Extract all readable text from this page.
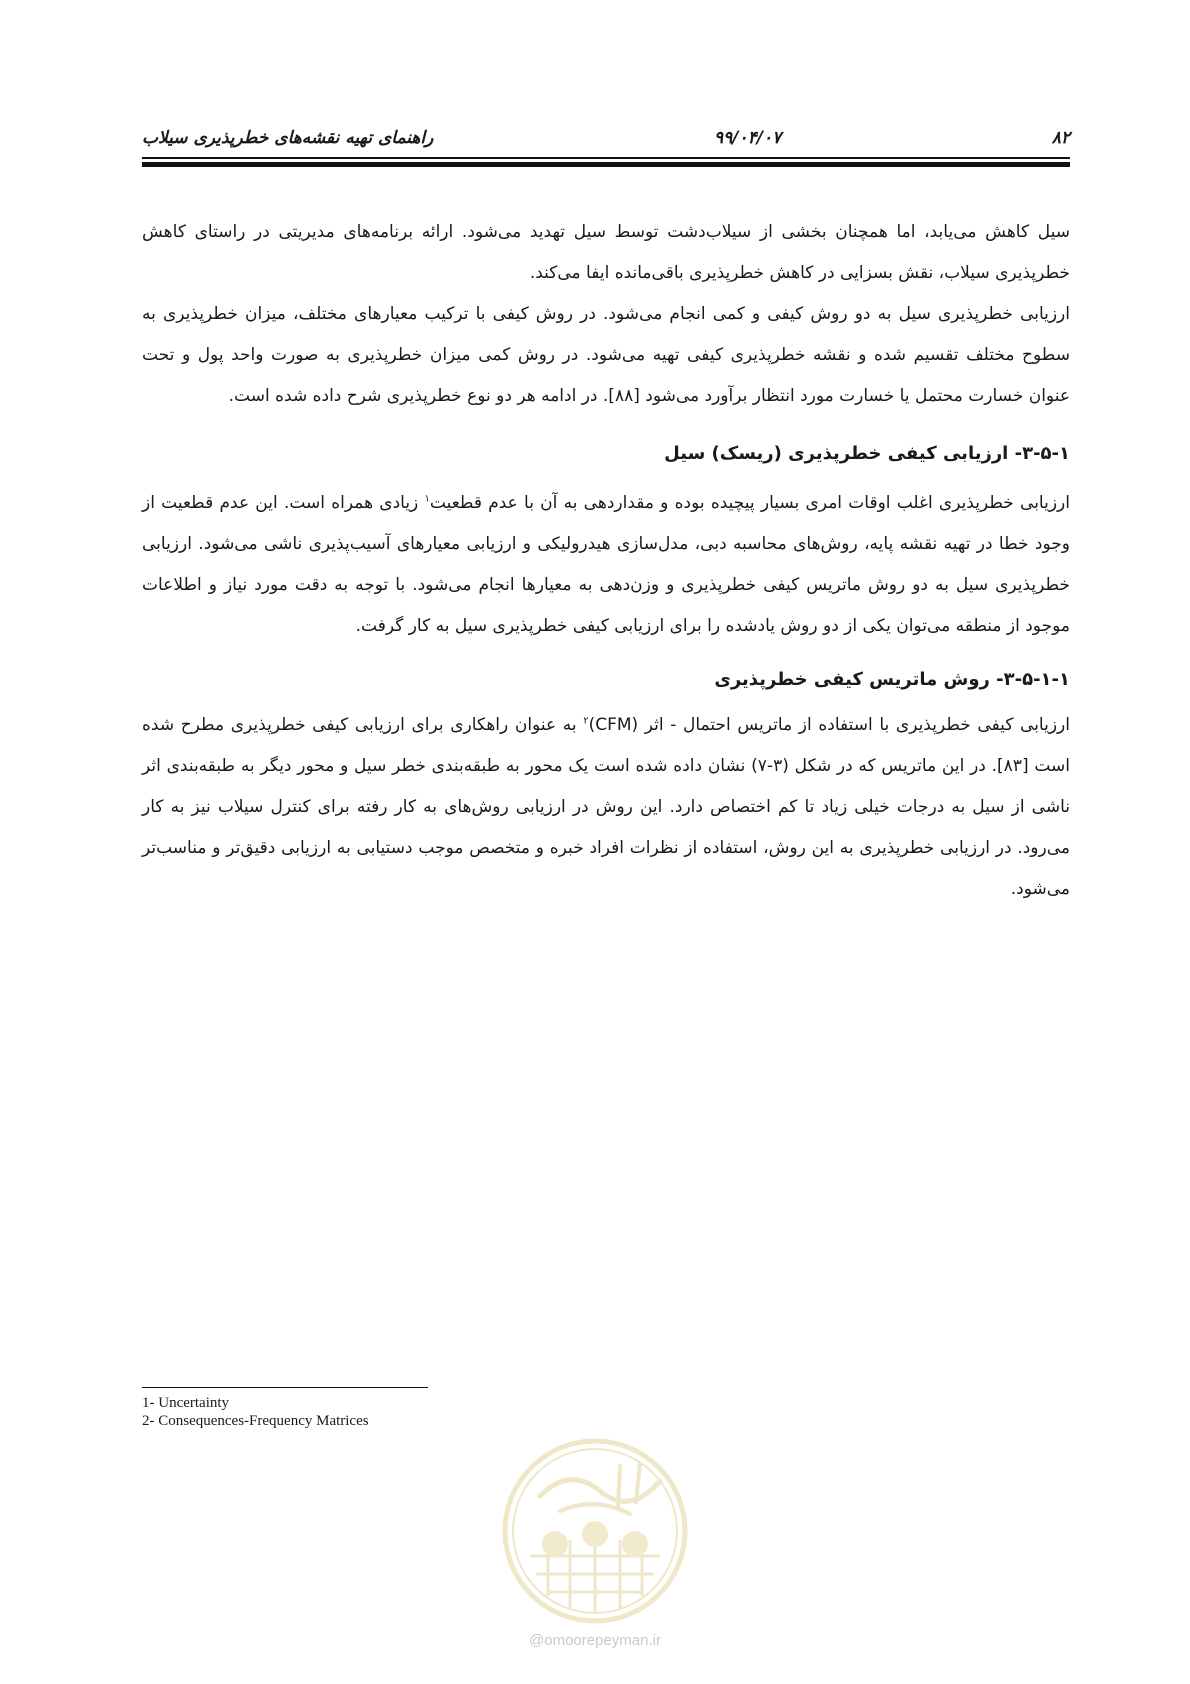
راهنمای تهیه نقشه‌های خطرپذیری سیلاب	۹۹/۰۴/۰۷	۸۲

سیل کاهش می‌یابد، اما همچنان بخشی از سیلاب‌دشت توسط سیل تهدید می‌شود. ارائه برنامه‌های مدیریتی در راستای کاهش خطرپذیری سیلاب، نقش بسزایی در کاهش خطرپذیری باقی‌مانده ایفا می‌کند.

ارزیابی خطرپذیری سیل به دو روش کیفی و کمی انجام می‌شود. در روش کیفی با ترکیب معیارهای مختلف، میزان خطرپذیری به سطوح مختلف تقسیم شده و نقشه خطرپذیری کیفی تهیه می‌شود. در روش کمی میزان خطرپذیری به صورت واحد پول و تحت عنوان خسارت محتمل یا خسارت مورد انتظار برآورد می‌شود [۸۸]. در ادامه هر دو نوع خطرپذیری شرح داده شده است.

۳-۵-۱- ارزیابی کیفی خطرپذیری (ریسک) سیل

ارزیابی خطرپذیری اغلب اوقات امری بسیار پیچیده بوده و مقداردهی به آن با عدم قطعیت$^۱$ زیادی همراه است. این عدم قطعیت از وجود خطا در تهیه نقشه پایه، روش‌های محاسبه دبی، مدل‌سازی هیدرولیکی و ارزیابی معیارهای آسیب‌پذیری ناشی می‌شود. ارزیابی خطرپذیری سیل به دو روش ماتریس کیفی خطرپذیری و وزن‌دهی به معیارها انجام می‌شود. با توجه به دقت مورد نیاز و اطلاعات موجود از منطقه می‌توان یکی از دو روش یادشده را برای ارزیابی کیفی خطرپذیری سیل به کار گرفت.

۳-۵-۱-۱- روش ماتریس کیفی خطرپذیری

ارزیابی کیفی خطرپذیری با استفاده از ماتریس احتمال - اثر (CFM)$^۲$ به عنوان راهکاری برای ارزیابی کیفی خطرپذیری مطرح شده است [۸۳]. در این ماتریس که در شکل (۳-۷) نشان داده شده است یک محور به طبقه‌بندی خطر سیل و محور دیگر به طبقه‌بندی اثر ناشی از سیل به درجات خیلی زیاد تا کم اختصاص دارد. این روش در ارزیابی روش‌های به کار رفته برای کنترل سیلاب نیز به کار می‌رود. در ارزیابی خطرپذیری به این روش، استفاده از نظرات افراد خبره و متخصص موجب دستیابی به ارزیابی دقیق‌تر و مناسب‌تر می‌شود.

1- Uncertainty
2- Consequences-Frequency Matrices
@omoorepeyman.ir
